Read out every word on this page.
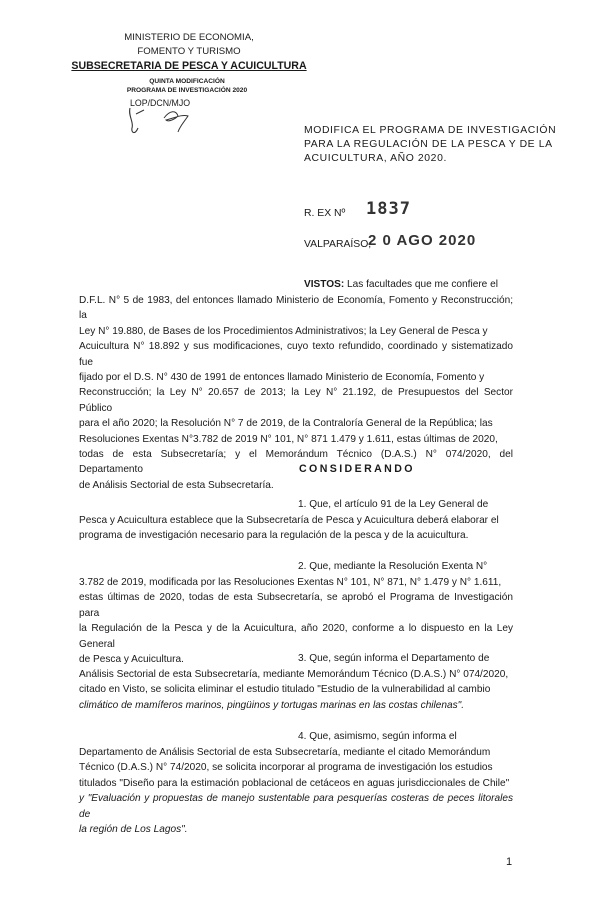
MINISTERIO DE ECONOMIA,
FOMENTO Y TURISMO
SUBSECRETARIA DE PESCA Y ACUICULTURA
QUINTA MODIFICACIÓN
PROGRAMA DE INVESTIGACIÓN 2020
LOP/DCN/MJO
MODIFICA EL PROGRAMA DE INVESTIGACIÓN
PARA LA REGULACIÓN DE LA PESCA Y DE LA
ACUICULTURA, AÑO 2020.
R. EX Nº 1837
VALPARAÍSO,
2 0 AGO 2020
VISTOS: Las facultades que me confiere el
D.F.L. N° 5 de 1983, del entonces llamado Ministerio de Economía, Fomento y Reconstrucción; la
Ley N° 19.880, de Bases de los Procedimientos Administrativos; la Ley General de Pesca y
Acuicultura N° 18.892 y sus modificaciones, cuyo texto refundido, coordinado y sistematizado fue
fijado por el D.S. N° 430 de 1991 de entonces llamado Ministerio de Economía, Fomento y
Reconstrucción; la Ley N° 20.657 de 2013; la Ley N° 21.192, de Presupuestos del Sector Público
para el año 2020; la Resolución N° 7 de 2019, de la Contraloría General de la República; las
Resoluciones Exentas N°3.782 de 2019 N° 101, N° 871 1.479 y 1.611, estas últimas de 2020,
todas de esta Subsecretaría; y el Memorándum Técnico (D.A.S.) N° 074/2020, del Departamento
de Análisis Sectorial de esta Subsecretaría.
CONSIDERANDO
1. Que, el artículo 91 de la Ley General de
Pesca y Acuicultura establece que la Subsecretaría de Pesca y Acuicultura deberá elaborar el
programa de investigación necesario para la regulación de la pesca y de la acuicultura.
2. Que, mediante la Resolución Exenta N°
3.782 de 2019, modificada por las Resoluciones Exentas N° 101, N° 871, N° 1.479 y N° 1.611,
estas últimas de 2020, todas de esta Subsecretaría, se aprobó el Programa de Investigación para
la Regulación de la Pesca y de la Acuicultura, año 2020, conforme a lo dispuesto en la Ley General
de Pesca y Acuicultura.	3. Que, según informa el Departamento de
Análisis Sectorial de esta Subsecretaría, mediante Memorándum Técnico (D.A.S.) N° 074/2020,
citado en Visto, se solicita eliminar el estudio titulado "Estudio de la vulnerabilidad al cambio
climático de mamíferos marinos, pingüinos y tortugas marinas en las costas chilenas".
4. Que, asimismo, según informa el
Departamento de Análisis Sectorial de esta Subsecretaría, mediante el citado Memorándum
Técnico (D.A.S.) N° 74/2020, se solicita incorporar al programa de investigación los estudios
titulados "Diseño para la estimación poblacional de cetáceos en aguas jurisdiccionales de Chile"
y "Evaluación y propuestas de manejo sustentable para pesquerías costeras de peces litorales de
la región de Los Lagos".
1
